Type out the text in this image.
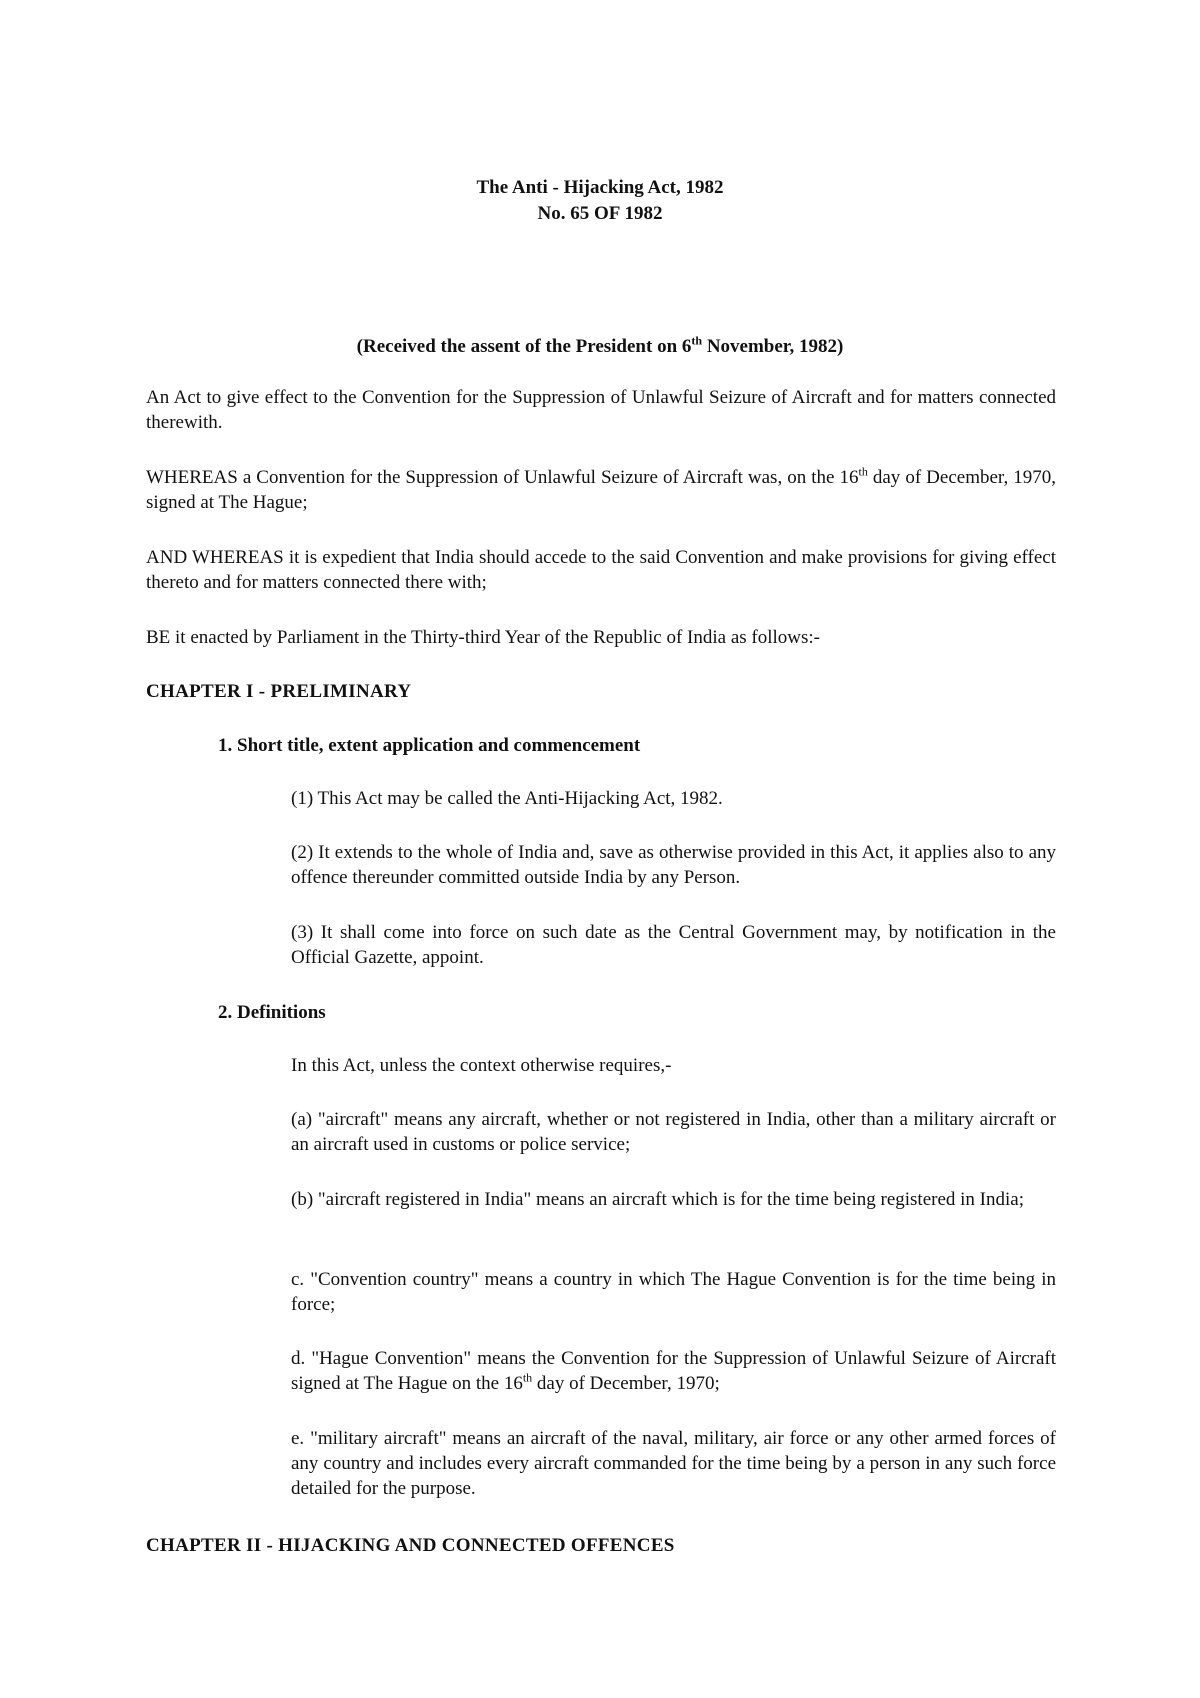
The Anti - Hijacking Act, 1982
No. 65 OF 1982
(Received the assent of the President on 6th November, 1982)
An Act to give effect to the Convention for the Suppression of Unlawful Seizure of Aircraft and for matters connected therewith.
WHEREAS a Convention for the Suppression of Unlawful Seizure of Aircraft was, on the 16th day of December, 1970, signed at The Hague;
AND WHEREAS it is expedient that India should accede to the said Convention and make provisions for giving effect thereto and for matters connected there with;
BE it enacted by Parliament in the Thirty-third Year of the Republic of India as follows:-
CHAPTER I - PRELIMINARY
1. Short title, extent application and commencement
(1) This Act may be called the Anti-Hijacking Act, 1982.
(2) It extends to the whole of India and, save as otherwise provided in this Act, it applies also to any offence thereunder committed outside India by any Person.
(3) It shall come into force on such date as the Central Government may, by notification in the Official Gazette, appoint.
2. Definitions
In this Act, unless the context otherwise requires,-
(a) "aircraft" means any aircraft, whether or not registered in India, other than a military aircraft or an aircraft used in customs or police service;
(b) "aircraft registered in India" means an aircraft which is for the time being registered in India;
c. "Convention country" means a country in which The Hague Convention is for the time being in force;
d. "Hague Convention" means the Convention for the Suppression of Unlawful Seizure of Aircraft signed at The Hague on the 16th day of December, 1970;
e. "military aircraft" means an aircraft of the naval, military, air force or any other armed forces of any country and includes every aircraft commanded for the time being by a person in any such force detailed for the purpose.
CHAPTER II - HIJACKING AND CONNECTED OFFENCES
